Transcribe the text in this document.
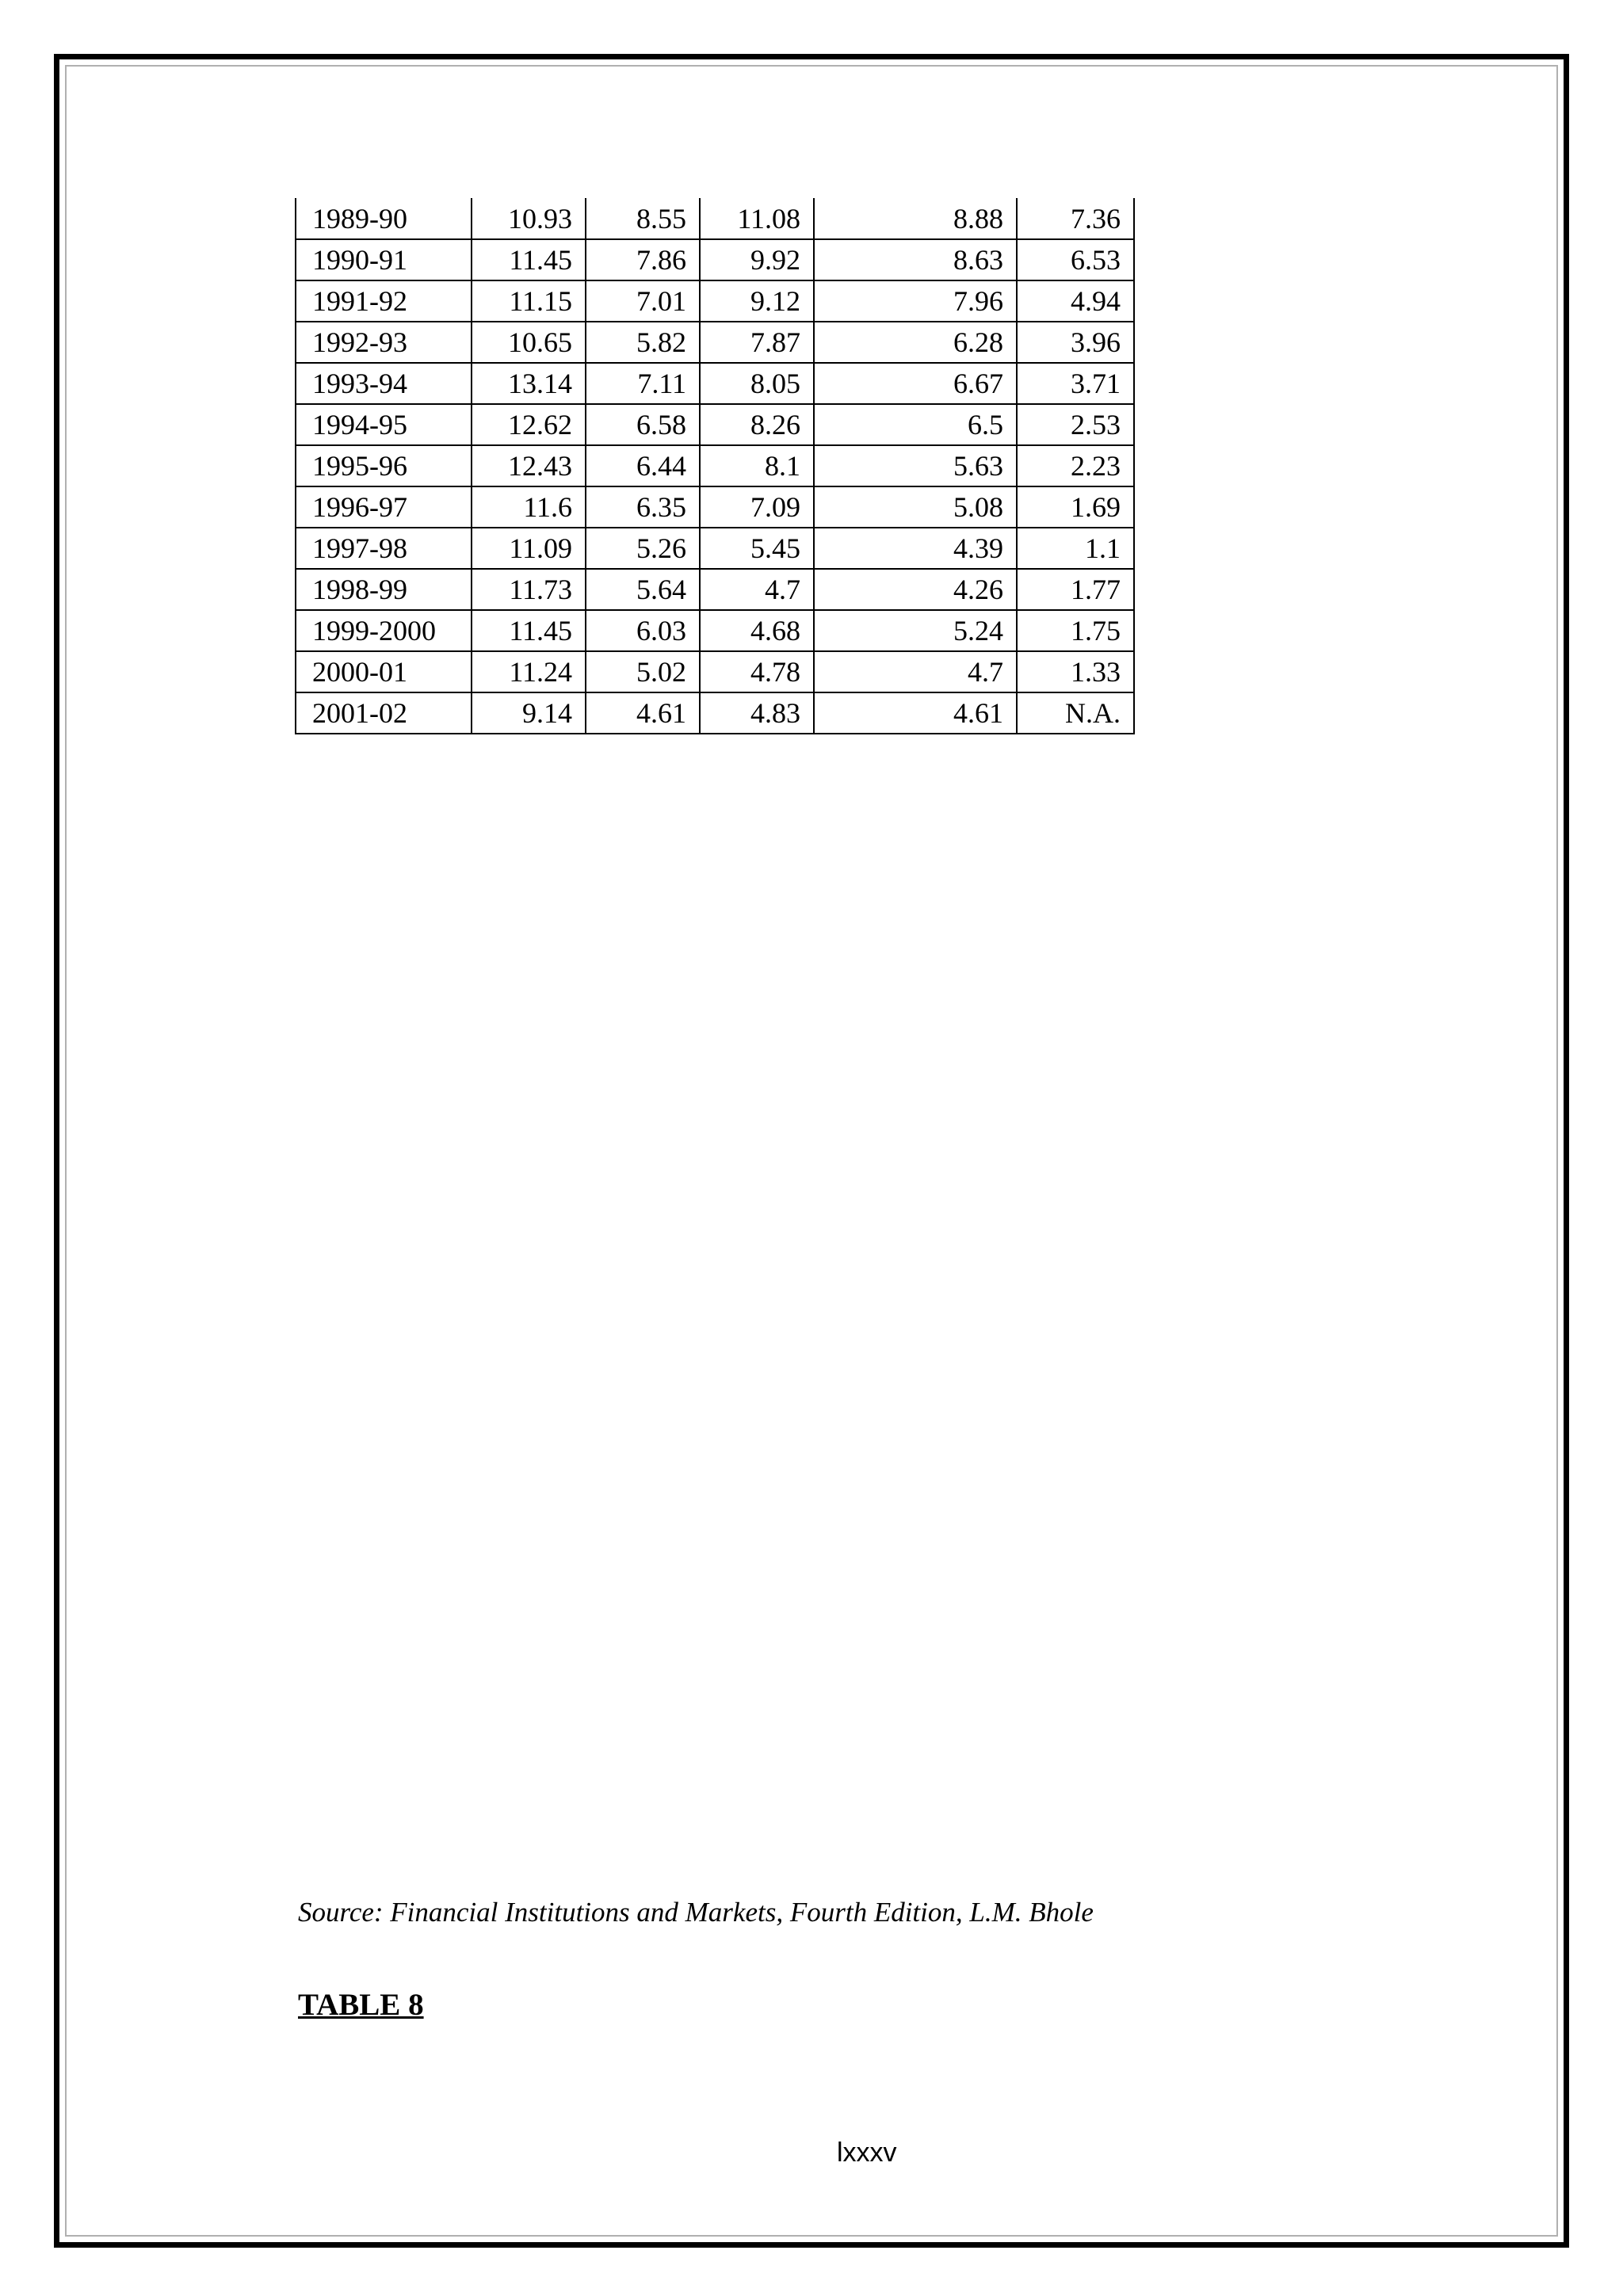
1989-90	10.93	8.55	11.08	8.88	7.36
1990-91	11.45	7.86	9.92	8.63	6.53
1991-92	11.15	7.01	9.12	7.96	4.94
1992-93	10.65	5.82	7.87	6.28	3.96
1993-94	13.14	7.11	8.05	6.67	3.71
1994-95	12.62	6.58	8.26	6.5	2.53
1995-96	12.43	6.44	8.1	5.63	2.23
1996-97	11.6	6.35	7.09	5.08	1.69
1997-98	11.09	5.26	5.45	4.39	1.1
1998-99	11.73	5.64	4.7	4.26	1.77
1999-2000	11.45	6.03	4.68	5.24	1.75
2000-01	11.24	5.02	4.78	4.7	1.33
2001-02	9.14	4.61	4.83	4.61	N.A.
Source: Financial Institutions and Markets, Fourth Edition, L.M. Bhole
TABLE 8
lxxxv
